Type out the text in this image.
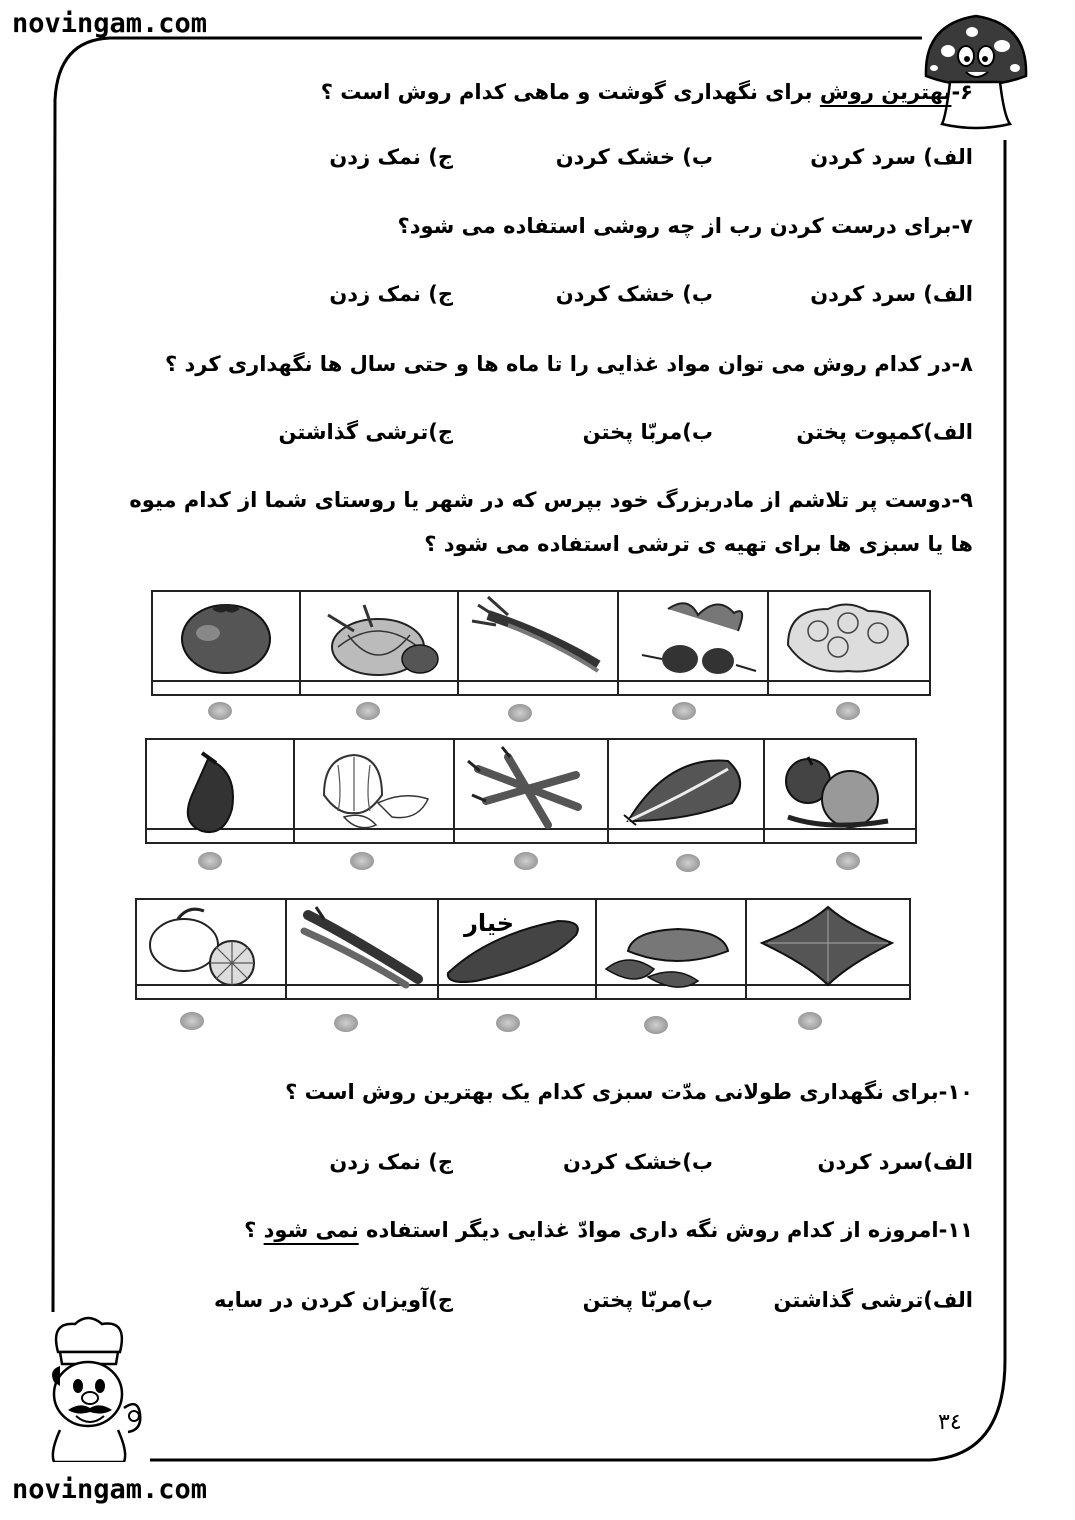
novingam.com
novingam.com
۶-بهترین روش برای نگهداری گوشت و ماهی کدام روش است ؟
الف) سرد کردن
ب) خشک کردن
ج) نمک زدن
۷-برای درست کردن رب از چه روشی استفاده می شود؟
الف) سرد کردن
ب) خشک کردن
ج) نمک زدن
۸-در کدام روش می توان مواد غذایی را تا ماه ها و حتی سال ها نگهداری کرد ؟
الف)کمپوت پختن
ب)مربّا پختن
ج)ترشی گذاشتن
۹-دوست پر تلاشم از مادربزرگ خود بپرس که در شهر یا روستای شما از کدام میوه ها یا سبزی ها برای تهیه ی ترشی استفاده می شود ؟
خیار
۱۰-برای نگهداری طولانی مدّت سبزی کدام یک بهترین روش است ؟
الف)سرد کردن
ب)خشک کردن
ج) نمک زدن
۱۱-امروزه از کدام روش نگه داری موادّ غذایی دیگر استفاده نمی شود ؟
الف)ترشی گذاشتن
ب)مربّا پختن
ج)آویزان کردن در سایه
۳٤
